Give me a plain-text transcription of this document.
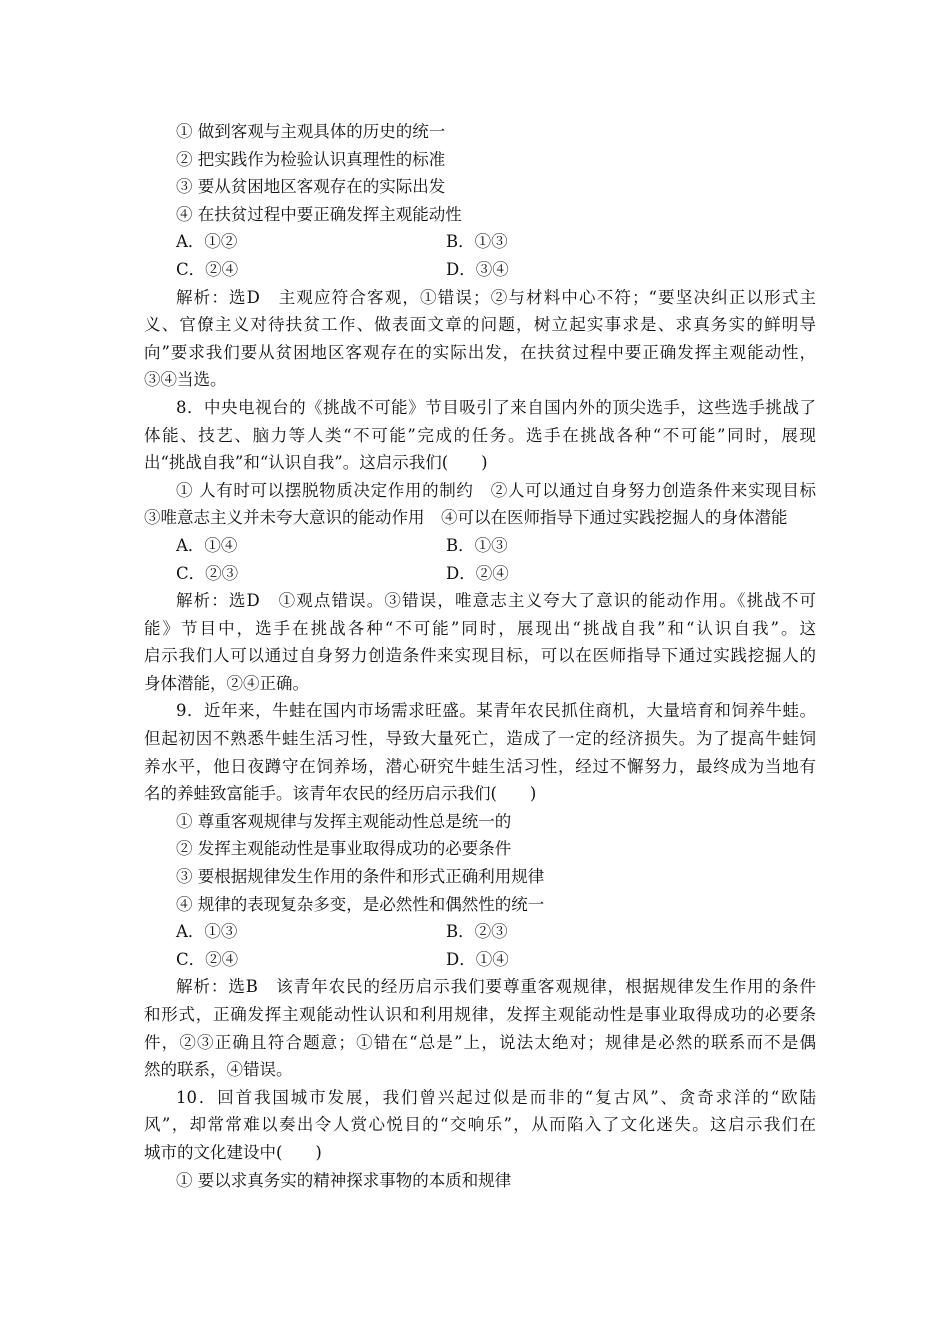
① 做到客观与主观具体的历史的统一
② 把实践作为检验认识真理性的标准
③ 要从贫困地区客观存在的实际出发
④ 在扶贫过程中要正确发挥主观能动性
A．①②	B．①③
C．②④	D．③④
解析：选D　主观应符合客观，①错误；②与材料中心不符；“要坚决纠正以形式主
义、官僚主义对待扶贫工作、做表面文章的问题，树立起实事求是、求真务实的鲜明导
向”要求我们要从贫困地区客观存在的实际出发，在扶贫过程中要正确发挥主观能动性，
③④当选。
8．中央电视台的《挑战不可能》节目吸引了来自国内外的顶尖选手，这些选手挑战了
体能、技艺、脑力等人类“不可能”完成的任务。选手在挑战各种“不可能”同时，展现
出“挑战自我”和“认识自我”。这启示我们(　　)
① 人有时可以摆脱物质决定作用的制约　②人可以通过自身努力创造条件来实现目标
③唯意志主义并未夸大意识的能动作用　④可以在医师指导下通过实践挖掘人的身体潜能
A．①④	B．①③
C．②③	D．②④
解析：选D　①观点错误。③错误，唯意志主义夸大了意识的能动作用。《挑战不可
能》节目中，选手在挑战各种“不可能”同时，展现出“挑战自我”和“认识自我”。这
启示我们人可以通过自身努力创造条件来实现目标，可以在医师指导下通过实践挖掘人的
身体潜能，②④正确。
9．近年来，牛蛙在国内市场需求旺盛。某青年农民抓住商机，大量培育和饲养牛蛙。
但起初因不熟悉牛蛙生活习性，导致大量死亡，造成了一定的经济损失。为了提高牛蛙饲
养水平，他日夜蹲守在饲养场，潜心研究牛蛙生活习性，经过不懈努力，最终成为当地有
名的养蛙致富能手。该青年农民的经历启示我们(　　)
① 尊重客观规律与发挥主观能动性总是统一的
② 发挥主观能动性是事业取得成功的必要条件
③ 要根据规律发生作用的条件和形式正确利用规律
④ 规律的表现复杂多变，是必然性和偶然性的统一
A．①③	B．②③
C．②④	D．①④
解析：选B　该青年农民的经历启示我们要尊重客观规律，根据规律发生作用的条件
和形式，正确发挥主观能动性认识和利用规律，发挥主观能动性是事业取得成功的必要条
件，②③正确且符合题意；①错在“总是”上，说法太绝对；规律是必然的联系而不是偶
然的联系，④错误。
10．回首我国城市发展，我们曾兴起过似是而非的“复古风”、贪奇求洋的“欧陆
风”，却常常难以奏出令人赏心悦目的“交响乐”，从而陷入了文化迷失。这启示我们在
城市的文化建设中(　　)
① 要以求真务实的精神探求事物的本质和规律
